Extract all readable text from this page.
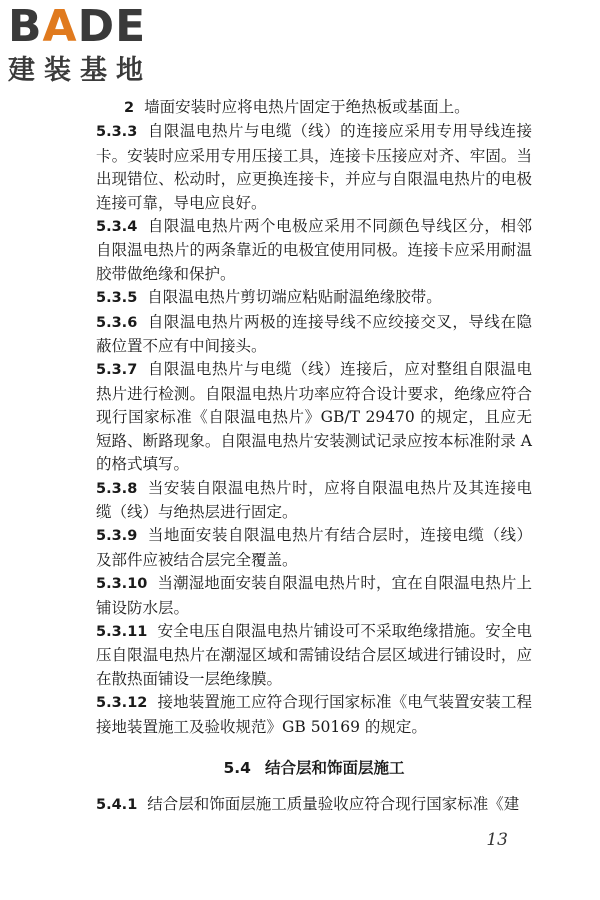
BADE
建装基地

2 墙面安装时应将电热片固定于绝热板或基面上。

5.3.3 自限温电热片与电缆（线）的连接应采用专用导线连接卡。安装时应采用专用压接工具，连接卡压接应对齐、牢固。当出现错位、松动时，应更换连接卡，并应与自限温电热片的电极连接可靠，导电应良好。

5.3.4 自限温电热片两个电极应采用不同颜色导线区分，相邻自限温电热片的两条靠近的电极宜使用同极。连接卡应采用耐温胶带做绝缘和保护。

5.3.5 自限温电热片剪切端应粘贴耐温绝缘胶带。

5.3.6 自限温电热片两极的连接导线不应绞接交叉，导线在隐蔽位置不应有中间接头。

5.3.7 自限温电热片与电缆（线）连接后，应对整组自限温电热片进行检测。自限温电热片功率应符合设计要求，绝缘应符合现行国家标准《自限温电热片》GB/T 29470 的规定，且应无短路、断路现象。自限温电热片安装测试记录应按本标准附录 A 的格式填写。

5.3.8 当安装自限温电热片时，应将自限温电热片及其连接电缆（线）与绝热层进行固定。

5.3.9 当地面安装自限温电热片有结合层时，连接电缆（线）及部件应被结合层完全覆盖。

5.3.10 当潮湿地面安装自限温电热片时，宜在自限温电热片上铺设防水层。

5.3.11 安全电压自限温电热片铺设可不采取绝缘措施。安全电压自限温电热片在潮湿区域和需铺设结合层区域进行铺设时，应在散热面铺设一层绝缘膜。

5.3.12 接地装置施工应符合现行国家标准《电气装置安装工程 接地装置施工及验收规范》GB 50169 的规定。

5.4 结合层和饰面层施工

5.4.1 结合层和饰面层施工质量验收应符合现行国家标准《建

13
